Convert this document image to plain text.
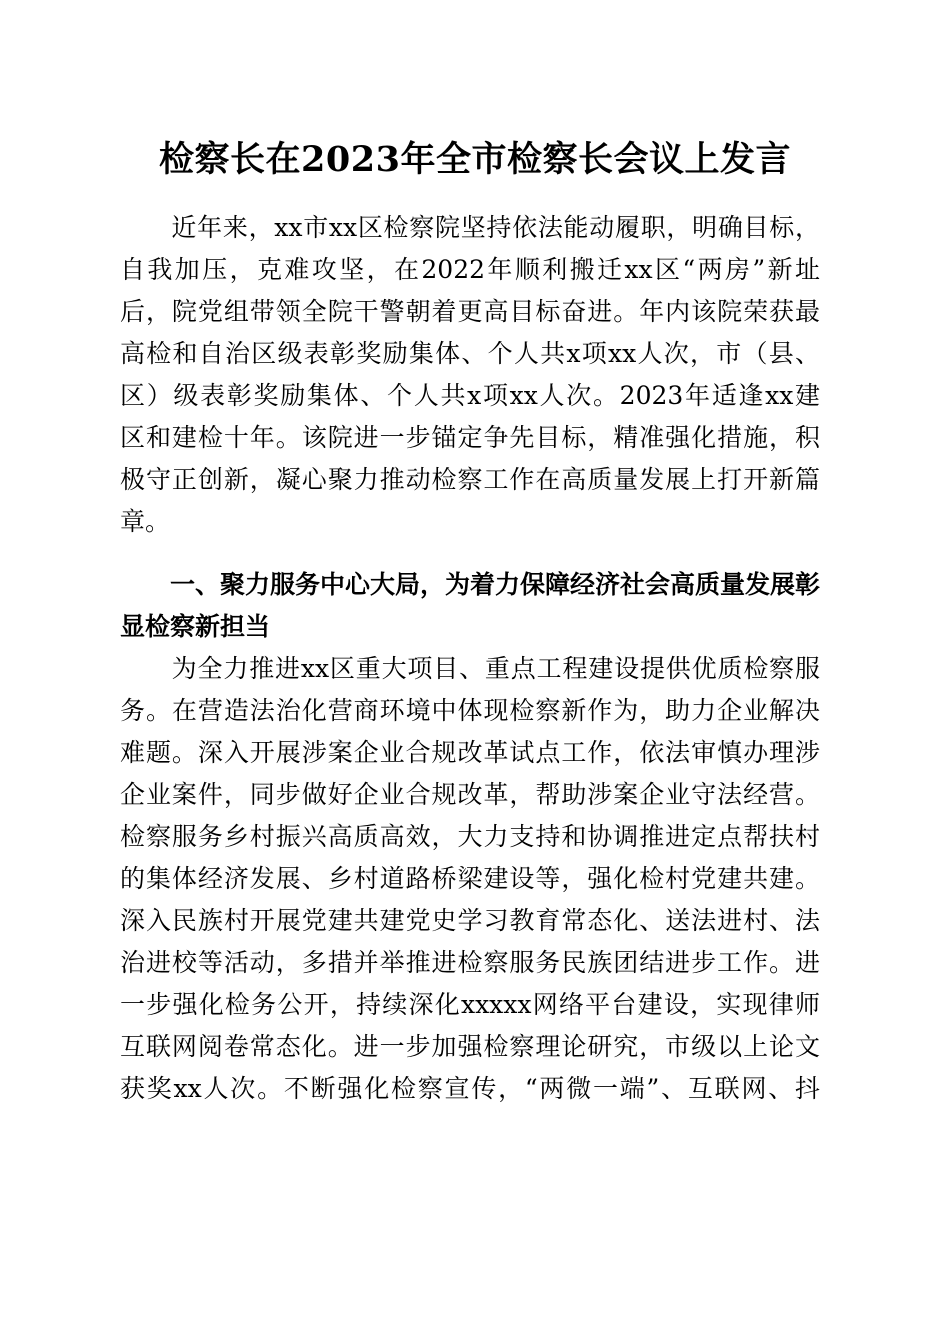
检察长在2023年全市检察长会议上发言
　　近年来，xx市xx区检察院坚持依法能动履职，明确目标，
自我加压，克难攻坚，在2022年顺利搬迁xx区“两房”新址
后，院党组带领全院干警朝着更高目标奋进。年内该院荣获最
高检和自治区级表彰奖励集体、个人共x项xx人次，市（县、
区）级表彰奖励集体、个人共x项xx人次。2023年适逢xx建
区和建检十年。该院进一步锚定争先目标，精准强化措施，积
极守正创新，凝心聚力推动检察工作在高质量发展上打开新篇
章。
　　一、聚力服务中心大局，为着力保障经济社会高质量发展彰
显检察新担当
　　为全力推进xx区重大项目、重点工程建设提供优质检察服
务。在营造法治化营商环境中体现检察新作为，助力企业解决
难题。深入开展涉案企业合规改革试点工作，依法审慎办理涉
企业案件，同步做好企业合规改革，帮助涉案企业守法经营。
检察服务乡村振兴高质高效，大力支持和协调推进定点帮扶村
的集体经济发展、乡村道路桥梁建设等，强化检村党建共建。
深入民族村开展党建共建党史学习教育常态化、送法进村、法
治进校等活动，多措并举推进检察服务民族团结进步工作。进
一步强化检务公开，持续深化xxxxx网络平台建设，实现律师
互联网阅卷常态化。进一步加强检察理论研究，市级以上论文
获奖xx人次。不断强化检察宣传，“两微一端”、互联网、抖
